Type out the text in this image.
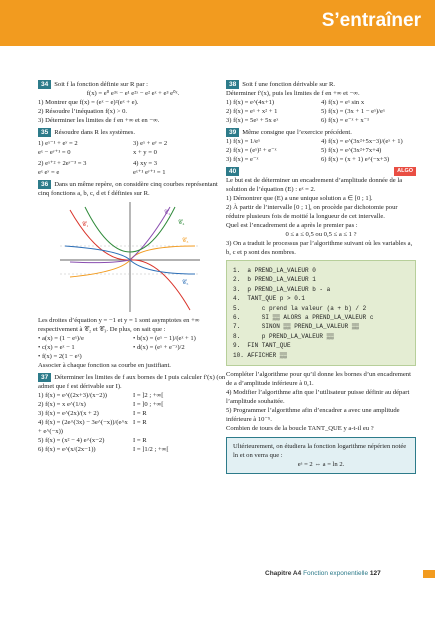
S’entraîner

34 Soit f la fonction définie sur R par :

f(x) = e⁰ e³ˣ − e¹ e²ˣ − e² eˣ + e³ e⁰ˣ.

1) Montrer que f(x) = (eˣ − e)²(eˣ + e).

2) Résoudre l’inéquation f(x) > 0.

3) Déterminer les limites de f en +∞ et en −∞.

35 Résoudre dans R les systèmes.

1) eˣ⁻¹ + eʸ = 2
eˣ − eʸ⁺¹ = 0
3) eˣ + eʸ = 2
x + y = 0
2) eˣ⁺² + 2eʸ⁻³ = 3
eˣ eʸ = e
4) xy = 3
eˣ⁺¹ eʸ⁺¹ = 1

36 Dans un même repère, on considère cinq courbes représentant cinq fonctions a, b, c, d et f définies sur R.

𝒞₁
𝒞₂
𝒞₃
𝒞₄
𝒞₅

Les droites d’équation y = −1 et y = 1 sont asymptotes en +∞ respectivement à 𝒞₂ et 𝒞₃. De plus, on sait que :

• a(x) = (1 − eˣ)/e	• b(x) = (eˣ − 1)/(eˣ + 1)
• c(x) = eˣ − 1	• d(x) = (eˣ + e⁻ˣ)/2
• f(x) = 2(1 − eˣ)

Associer à chaque fonction sa courbe en justifiant.

37 Déterminer les limites de f aux bornes de I puis calculer f′(x) (on admet que f est dérivable sur I).

1) f(x) = e^((2x+3)/(x−2))	I = ]2 ; +∞[
2) f(x) = x e^(1/x)	I = ]0 ; +∞[
3) f(x) = e^(2x)/(x + 2)	I = R
4) f(x) = (2e^(3x) − 3e^(−x))/(e^x + e^(−x))
I = R
5) f(x) = (x² − 4) e^(x−2)	I = R
6) f(x) = e^(x/(2x−1))	I = ]1/2 ; +∞[

38 Soit f une fonction dérivable sur R.

Déterminer f′(x), puis les limites de f en +∞ et −∞.

1) f(x) = e^(4x+1)	4) f(x) = eˣ sin x
2) f(x) = eˣ + x² + 1	5) f(x) = (3x + 1 − eˣ)/eˣ
3) f(x) = 5eˣ + 5x eˣ	6) f(x) = e⁻ˣ + x⁻¹

39 Même consigne que l’exercice précédent.

1) f(x) = 1/eˣ	4) f(x) = e^(3x²+5x−3)/(eˣ + 1)
2) f(x) = (eˣ)² + e⁻ˣ	5) f(x) = e^(3x²+7x+4)
3) f(x) = e⁻ˣ	6) f(x) = (x + 1) e^(−x+3)

40	ALGO

Le but est de déterminer un encadrement d’amplitude donnée de la solution de l’équation (E) : eˣ = 2.

1) Démontrer que (E) a une unique solution a ∈ [0 ; 1].

2) À partir de l’intervalle [0 ; 1], on procède par dichotomie pour réduire plusieurs fois de moitié la longueur de cet intervalle.

Quel est l’encadrement de a après le premier pas :

0 ≤ a ≤ 0,5 ou 0,5 ≤ a ≤ 1 ?

3) On a traduit le processus par l’algorithme suivant où les variables a, b, c et p sont des nombres.

1.  a PREND_LA_VALEUR 0
2.  b PREND_LA_VALEUR 1
3.  p PREND_LA_VALEUR b - a
4.  TANT_QUE p > 0.1
5.      c prend la valeur (a + b) / 2
6.      SI ▒▒ ALORS a PREND_LA_VALEUR c
7.      SINON ▒▒ PREND_LA_VALEUR ▒▒
8.      p PREND_LA_VALEUR ▒▒
9.  FIN TANT_QUE
10. AFFICHER ▒▒

Compléter l’algorithme pour qu’il donne les bornes d’un encadrement de a d’amplitude inférieure à 0,1.

4) Modifier l’algorithme afin que l’utilisateur puisse définir au départ l’amplitude souhaitée.

5) Programmer l’algorithme afin d’encadrer a avec une amplitude inférieure à 10⁻⁵.

Combien de tours de la boucle TANT_QUE y a-t-il eu ?

Ultérieurement, on étudiera la fonction logarithme népérien notée ln et on verra que :

eᵃ = 2 ⇔ a = ln 2.

Chapitre A4 Fonction exponentielle 127
